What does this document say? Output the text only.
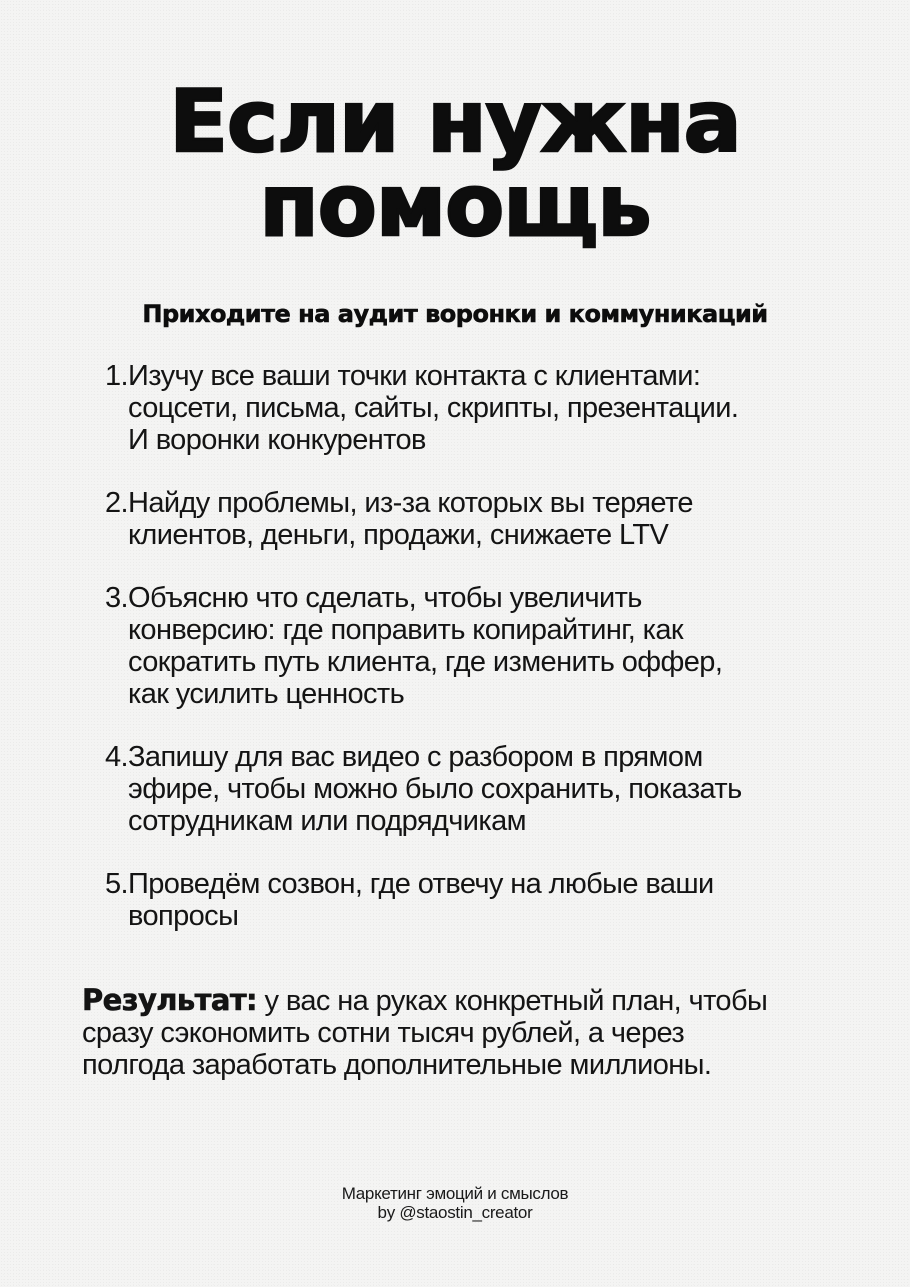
Если нужна
помощь
Приходите на аудит воронки и коммуникаций
1. Изучу все ваши точки контакта с клиентами:
соцсети, письма, сайты, скрипты, презентации.
И воронки конкурентов
2. Найду проблемы, из-за которых вы теряете
клиентов, деньги, продажи, снижаете LTV
3. Объясню что сделать, чтобы увеличить
конверсию: где поправить копирайтинг, как
сократить путь клиента, где изменить оффер,
как усилить ценность
4. Запишу для вас видео с разбором в прямом
эфире, чтобы можно было сохранить, показать
сотрудникам или подрядчикам
5. Проведём созвон, где отвечу на любые ваши
вопросы

Результат: у вас на руках конкретный план, чтобы
сразу сэкономить сотни тысяч рублей, а через
полгода заработать дополнительные миллионы.

Маркетинг эмоций и смыслов
by @staostin_creator
